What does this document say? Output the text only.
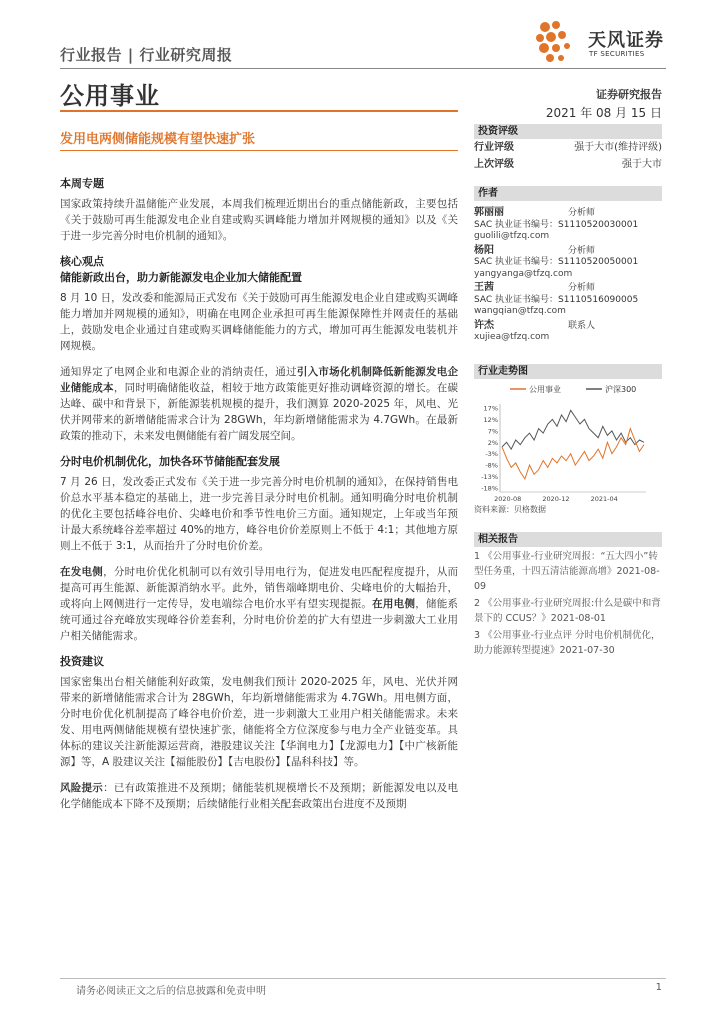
行业报告 | 行业研究周报
公用事业
天风证券
TF SECURITIES
证券研究报告
2021 年 08 月 15 日
发用电两侧储能规模有望快速扩张
本周专题
国家政策持续升温储能产业发展，本周我们梳理近期出台的重点储能新政，主要包括《关于鼓励可再生能源发电企业自建或购买调峰能力增加并网规模的通知》以及《关于进一步完善分时电价机制的通知》。
核心观点
储能新政出台，助力新能源发电企业加大储能配置
8 月 10 日，发改委和能源局正式发布《关于鼓励可再生能源发电企业自建或购买调峰能力增加并网规模的通知》，明确在电网企业承担可再生能源保障性并网责任的基础上，鼓励发电企业通过自建或购买调峰储能能力的方式，增加可再生能源发电装机并网规模。
通知界定了电网企业和电源企业的消纳责任，通过引入市场化机制降低新能源发电企业储能成本，同时明确储能收益，相较于地方政策能更好推动调峰资源的增长。在碳达峰、碳中和背景下，新能源装机规模的提升，我们测算 2020-2025 年，风电、光伏并网带来的新增储能需求合计为 28GWh，年均新增储能需求为 4.7GWh。在最新政策的推动下，未来发电侧储能有着广阔发展空间。
分时电价机制优化，加快各环节储能配套发展
7 月 26 日，发改委正式发布《关于进一步完善分时电价机制的通知》，在保持销售电价总水平基本稳定的基础上，进一步完善目录分时电价机制。通知明确分时电价机制的优化主要包括峰谷电价、尖峰电价和季节性电价三方面。通知规定，上年或当年预计最大系统峰谷差率超过 40%的地方，峰谷电价价差原则上不低于 4:1；其他地方原则上不低于 3:1，从而抬升了分时电价价差。
在发电侧，分时电价优化机制可以有效引导用电行为，促进发电匹配程度提升，从而提高可再生能源、新能源消纳水平。此外，销售端峰期电价、尖峰电价的大幅抬升，或将向上网侧进行一定传导，发电端综合电价水平有望实现提振。在用电侧，储能系统可通过谷充峰放实现峰谷价差套利，分时电价价差的扩大有望进一步刺激大工业用户相关储能需求。
投资建议
国家密集出台相关储能利好政策，发电侧我们预计 2020-2025 年，风电、光伏并网带来的新增储能需求合计为 28GWh，年均新增储能需求为 4.7GWh。用电侧方面，分时电价优化机制提高了峰谷电价价差，进一步刺激大工业用户相关储能需求。未来发、用电两侧储能规模有望快速扩张，储能将全方位深度参与电力全产业链变革。具体标的建议关注新能源运营商，港股建议关注【华润电力】【龙源电力】【中广核新能源】等，A 股建议关注【福能股份】【吉电股份】【晶科科技】等。
风险提示：已有政策推进不及预期；储能装机规模增长不及预期；新能源发电以及电化学储能成本下降不及预期；后续储能行业相关配套政策出台进度不及预期
投资评级
行业评级	强于大市(维持评级)
上次评级	强于大市
作者
郭丽丽	分析师
SAC 执业证书编号：S1110520030001
guolili@tfzq.com
杨阳	分析师
SAC 执业证书编号：S1110520050001
yangyanga@tfzq.com
王茜	分析师
SAC 执业证书编号：S1110516090005
wangqian@tfzq.com
许杰	联系人
xujiea@tfzq.com
行业走势图
公用事业	沪深300
17%
12%
7%
2%
-3%
-8%
-13%
-18%
2020-08	2020-12	2021-04
资料来源：贝格数据
相关报告
1 《公用事业-行业研究周报：“五大四小”转型任务重，十四五清洁能源高增》2021-08-09
2 《公用事业-行业研究周报:什么是碳中和背景下的 CCUS？》2021-08-01
3 《公用事业-行业点评 分时电价机制优化，助力能源转型提速》2021-07-30
请务必阅读正文之后的信息披露和免责申明	1
